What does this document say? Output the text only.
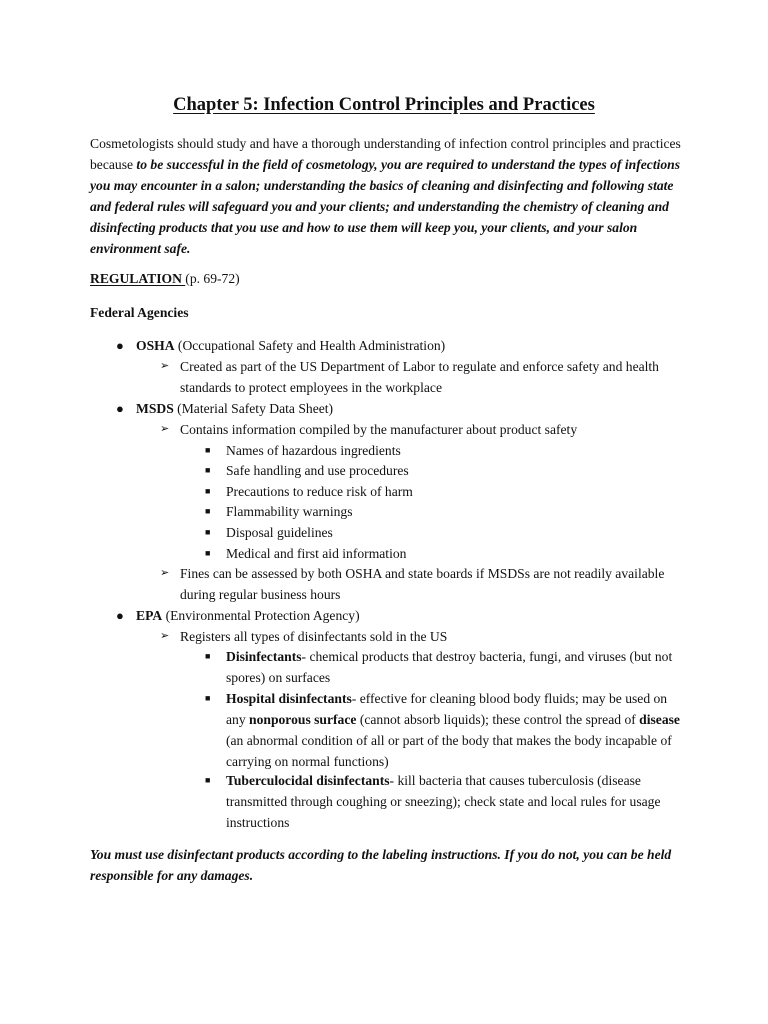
Chapter 5: Infection Control Principles and Practices
Cosmetologists should study and have a thorough understanding of infection control principles and practices because to be successful in the field of cosmetology, you are required to understand the types of infections you may encounter in a salon; understanding the basics of cleaning and disinfecting and following state and federal rules will safeguard you and your clients; and understanding the chemistry of cleaning and disinfecting products that you use and how to use them will keep you, your clients, and your salon environment safe.
REGULATION (p. 69-72)
Federal Agencies
● OSHA (Occupational Safety and Health Administration)
➢ Created as part of the US Department of Labor to regulate and enforce safety and health standards to protect employees in the workplace
● MSDS (Material Safety Data Sheet)
➢ Contains information compiled by the manufacturer about product safety
■ Names of hazardous ingredients
■ Safe handling and use procedures
■ Precautions to reduce risk of harm
■ Flammability warnings
■ Disposal guidelines
■ Medical and first aid information
➢ Fines can be assessed by both OSHA and state boards if MSDSs are not readily available during regular business hours
● EPA (Environmental Protection Agency)
➢ Registers all types of disinfectants sold in the US
■ Disinfectants- chemical products that destroy bacteria, fungi, and viruses (but not spores) on surfaces
■ Hospital disinfectants- effective for cleaning blood body fluids; may be used on any nonporous surface (cannot absorb liquids); these control the spread of disease (an abnormal condition of all or part of the body that makes the body incapable of carrying on normal functions)
■ Tuberculocidal disinfectants- kill bacteria that causes tuberculosis (disease transmitted through coughing or sneezing); check state and local rules for usage instructions
You must use disinfectant products according to the labeling instructions. If you do not, you can be held responsible for any damages.
